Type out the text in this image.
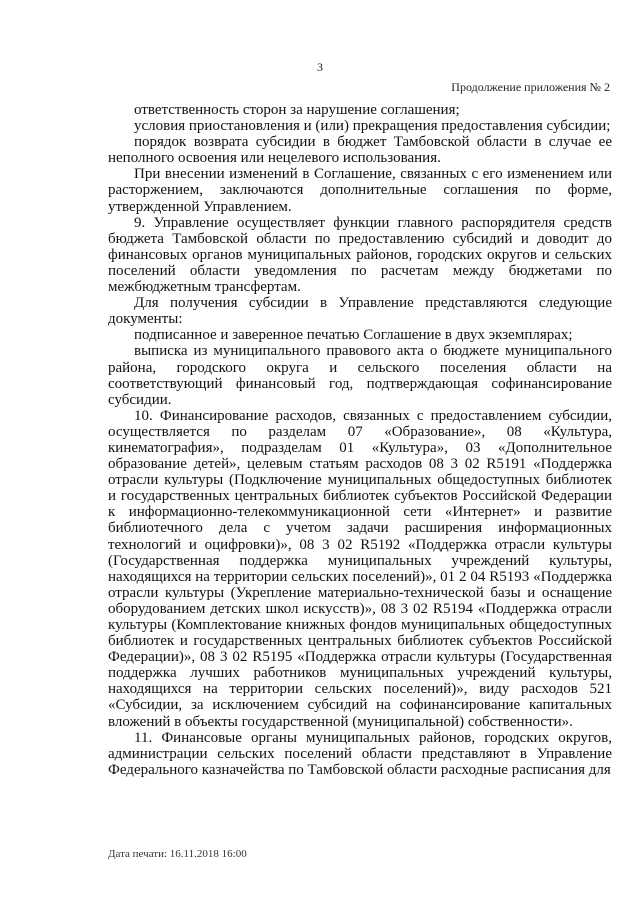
3
Продолжение приложения № 2

ответственность сторон за нарушение соглашения;

условия приостановления и (или) прекращения предоставления субсидии;

порядок возврата субсидии в бюджет Тамбовской области в случае ее неполного освоения или нецелевого использования.

При внесении изменений в Соглашение, связанных с его изменением или расторжением, заключаются дополнительные соглашения по форме, утвержденной Управлением.

9. Управление осуществляет функции главного распорядителя средств бюджета Тамбовской области по предоставлению субсидий и доводит до финансовых органов муниципальных районов, городских округов и сельских поселений области уведомления по расчетам между бюджетами по межбюджетным трансфертам.

Для получения субсидии в Управление представляются следующие документы:

подписанное и заверенное печатью Соглашение в двух экземплярах;

выписка из муниципального правового акта о бюджете муниципального района, городского округа и сельского поселения области на соответствующий финансовый год, подтверждающая софинансирование субсидии.

10. Финансирование расходов, связанных с предоставлением субсидии, осуществляется по разделам 07 «Образование», 08 «Культура, кинематография», подразделам 01 «Культура», 03 «Дополнительное образование детей», целевым статьям расходов 08 3 02 R5191 «Поддержка отрасли культуры (Подключение муниципальных общедоступных библиотек и государственных центральных библиотек субъектов Российской Федерации к информационно-телекоммуникационной сети «Интернет» и развитие библиотечного дела с учетом задачи расширения информационных технологий и оцифровки)», 08 3 02 R5192 «Поддержка отрасли культуры (Государственная поддержка муниципальных учреждений культуры, находящихся на территории сельских поселений)», 01 2 04 R5193 «Поддержка отрасли культуры (Укрепление материально-технической базы и оснащение оборудованием детских школ искусств)», 08 3 02 R5194 «Поддержка отрасли культуры (Комплектование книжных фондов муниципальных общедоступных библиотек и государственных центральных библиотек субъектов Российской Федерации)», 08 3 02 R5195 «Поддержка отрасли культуры (Государственная поддержка лучших работников муниципальных учреждений культуры, находящихся на территории сельских поселений)», виду расходов 521 «Субсидии, за исключением субсидий на софинансирование капитальных вложений в объекты государственной (муниципальной) собственности».

11. Финансовые органы муниципальных районов, городских округов, администрации сельских поселений области представляют в Управление Федерального казначейства по Тамбовской области расходные расписания для

Дата печати: 16.11.2018 16:00
